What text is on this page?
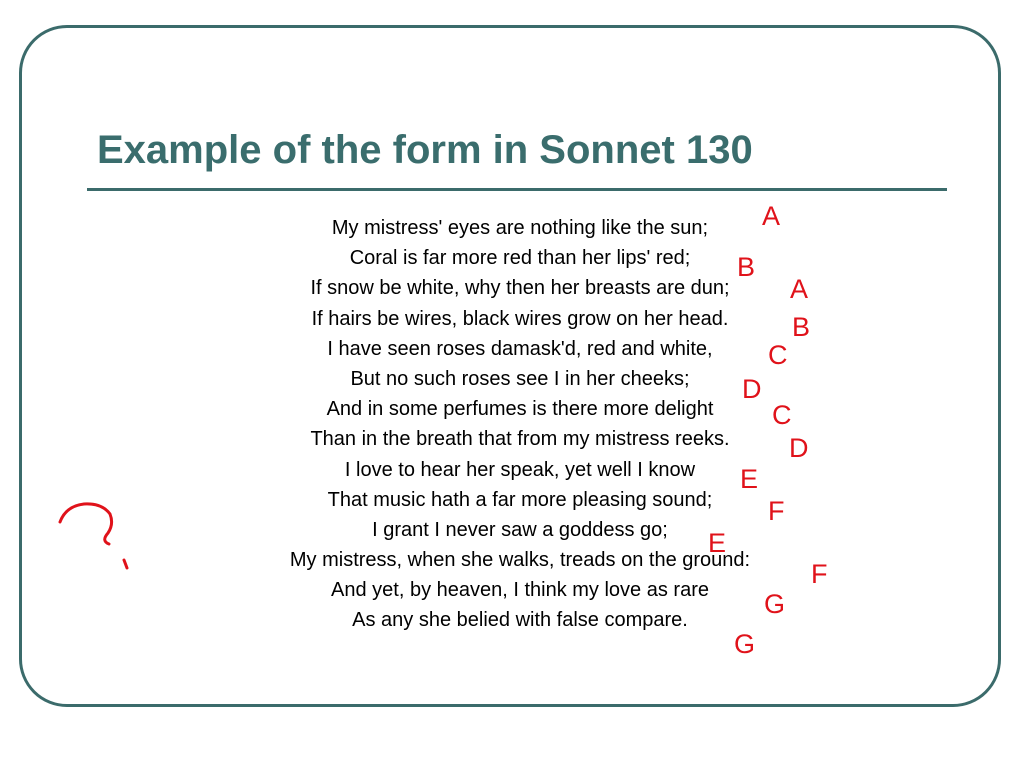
Example of the form in Sonnet 130
My mistress' eyes are nothing like the sun;
Coral is far more red than her lips' red;
If snow be white, why then her breasts are dun;
If hairs be wires, black wires grow on her head.
I have seen roses damask'd, red and white,
But no such roses see I in her cheeks;
And in some perfumes is there more delight
Than in the breath that from my mistress reeks.
I love to hear her speak, yet well I know
That music hath a far more pleasing sound;
I grant I never saw a goddess go;
My mistress, when she walks, treads on the ground:
And yet, by heaven, I think my love as rare
As any she belied with false compare.
A
B
A
B
C
D
C
D
E
F
E
F
G
G
